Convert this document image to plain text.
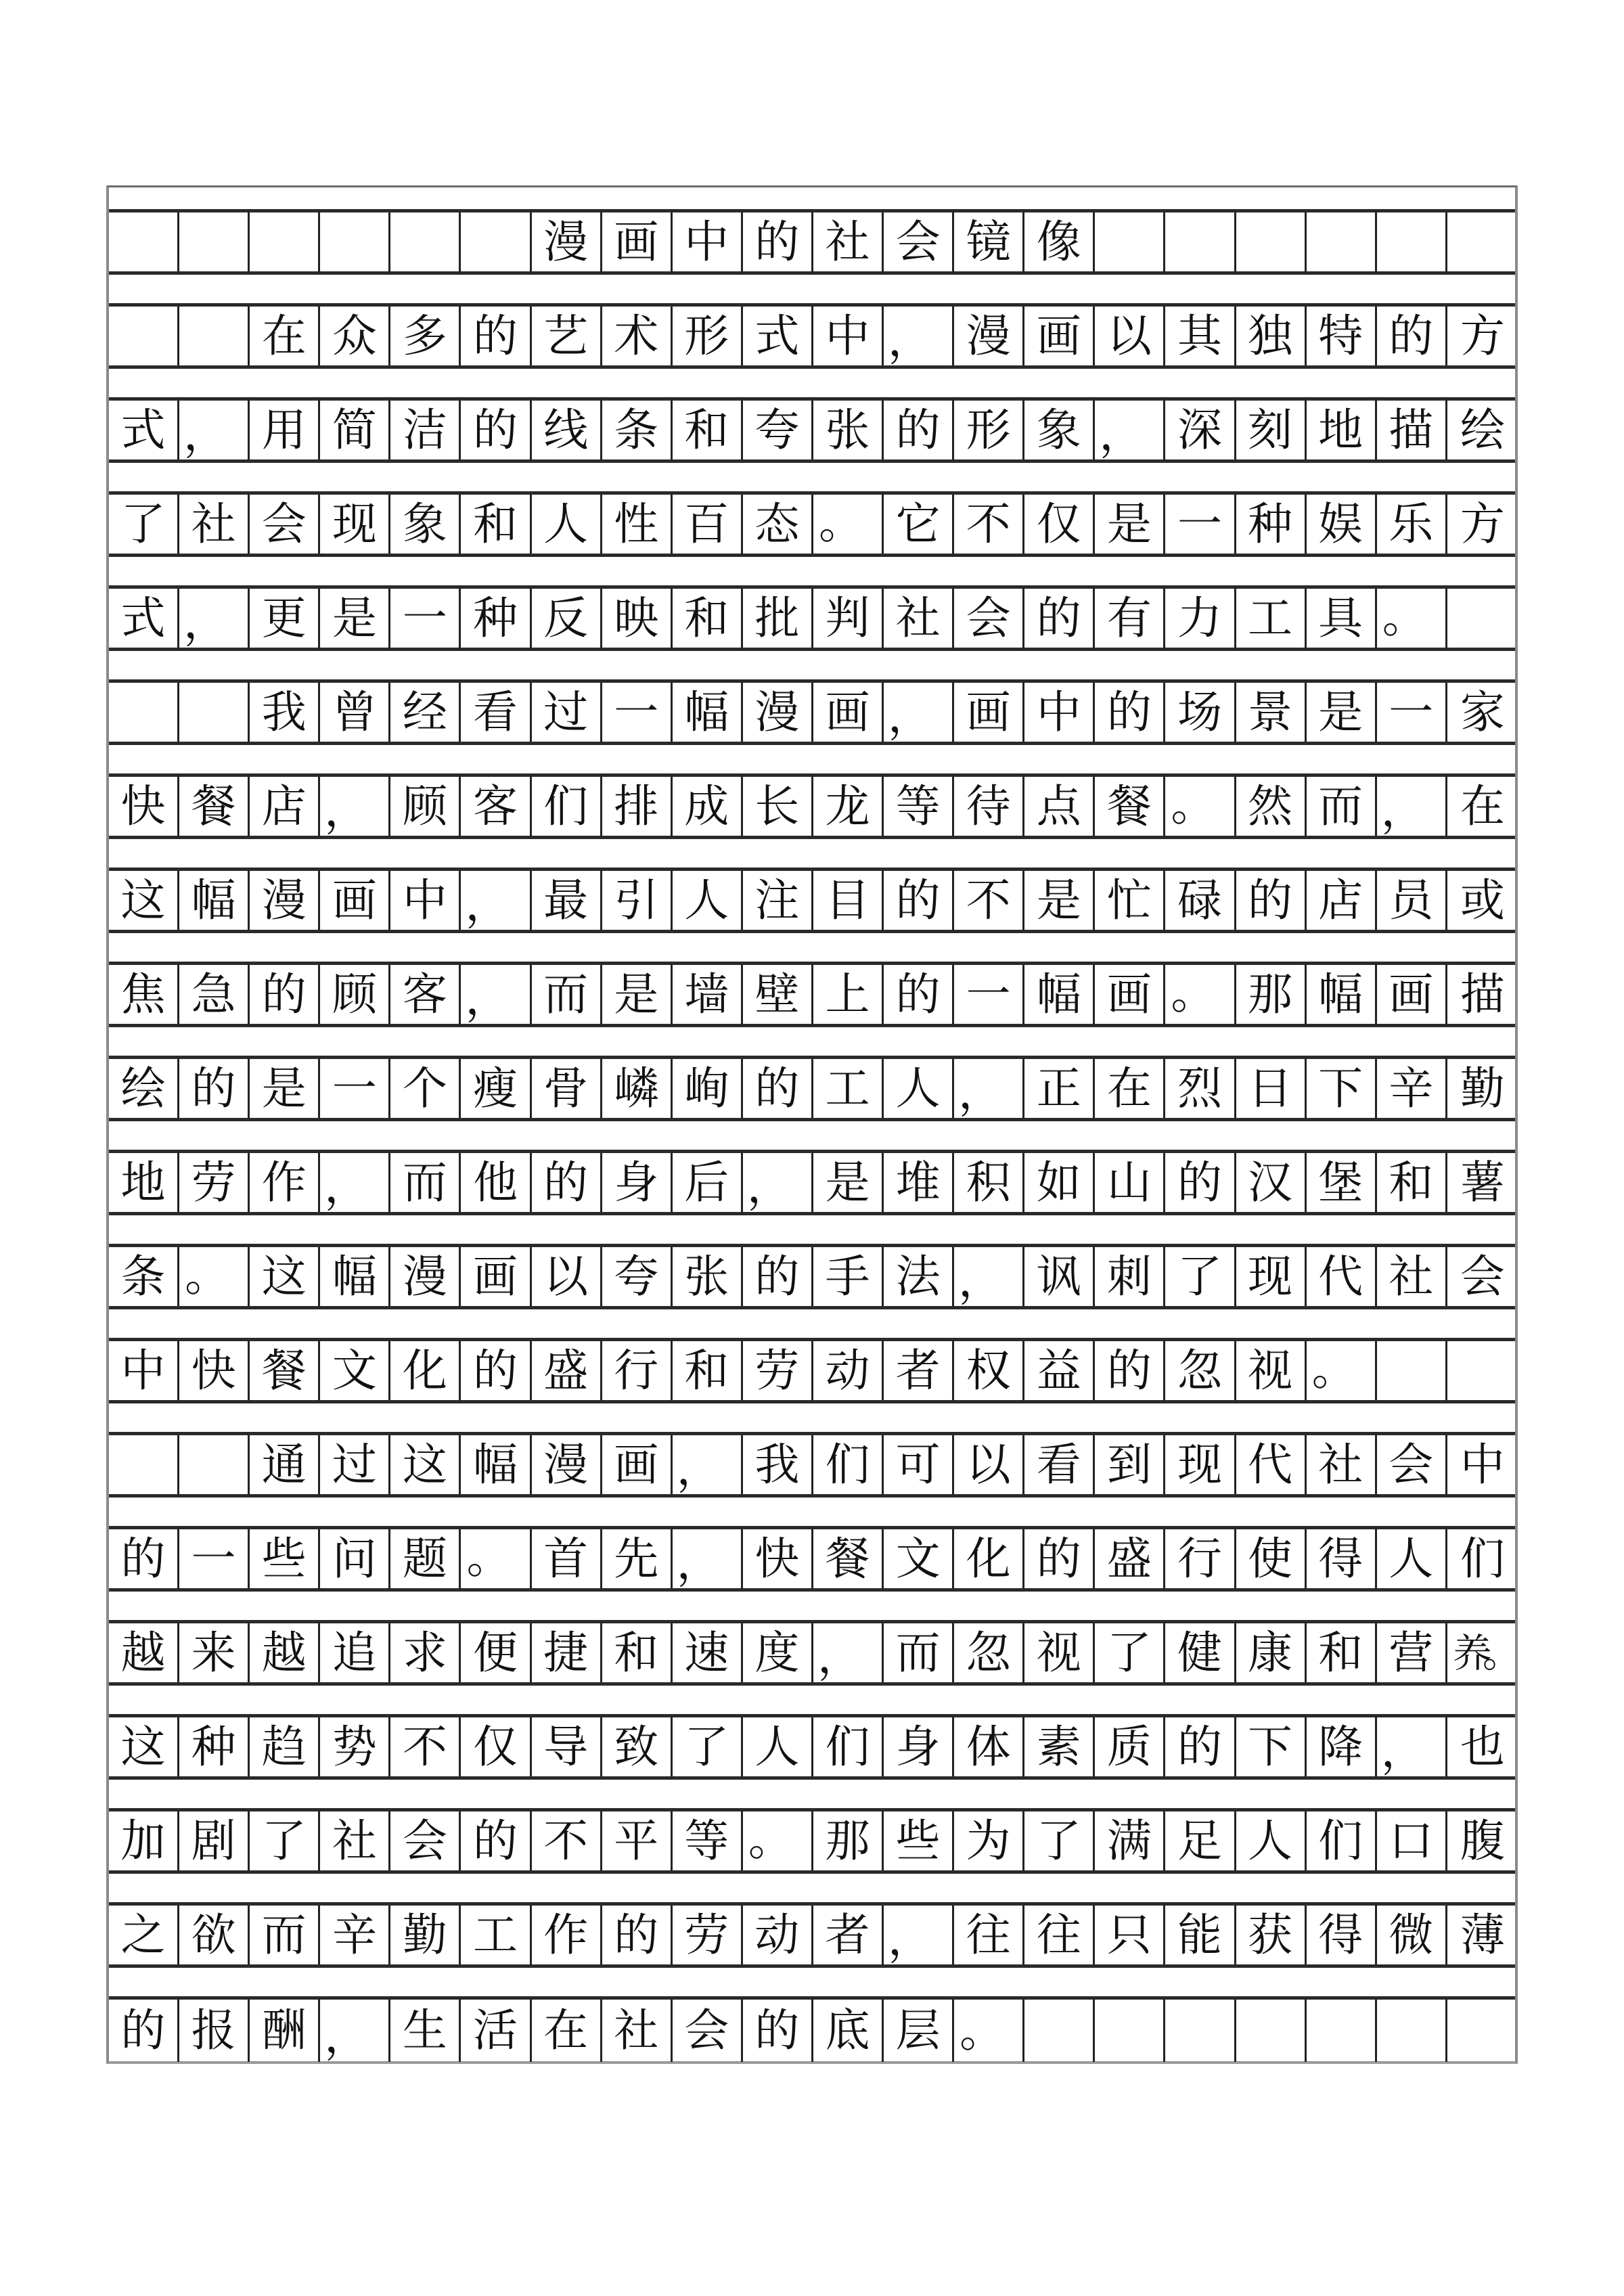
漫 画 中 的 社 会 镜 像
在 众 多 的 艺 术 形 式 中 ， 漫 画 以 其 独 特 的 方
式 ， 用 简 洁 的 线 条 和 夸 张 的 形 象 ， 深 刻 地 描 绘
了 社 会 现 象 和 人 性 百 态 。 它 不 仅 是 一 种 娱 乐 方
式 ， 更 是 一 种 反 映 和 批 判 社 会 的 有 力 工 具 。
我 曾 经 看 过 一 幅 漫 画 ， 画 中 的 场 景 是 一 家
快 餐 店 ， 顾 客 们 排 成 长 龙 等 待 点 餐 。 然 而 ， 在
这 幅 漫 画 中 ， 最 引 人 注 目 的 不 是 忙 碌 的 店 员 或
焦 急 的 顾 客 ， 而 是 墙 壁 上 的 一 幅 画 。 那 幅 画 描
绘 的 是 一 个 瘦 骨 嶙 峋 的 工 人 ， 正 在 烈 日 下 辛 勤
地 劳 作 ， 而 他 的 身 后 ， 是 堆 积 如 山 的 汉 堡 和 薯
条 。 这 幅 漫 画 以 夸 张 的 手 法 ， 讽 刺 了 现 代 社 会
中 快 餐 文 化 的 盛 行 和 劳 动 者 权 益 的 忽 视 。
通 过 这 幅 漫 画 ， 我 们 可 以 看 到 现 代 社 会 中
的 一 些 问 题 。 首 先 ， 快 餐 文 化 的 盛 行 使 得 人 们
越 来 越 追 求 便 捷 和 速 度 ， 而 忽 视 了 健 康 和 营 养。
这 种 趋 势 不 仅 导 致 了 人 们 身 体 素 质 的 下 降 ， 也
加 剧 了 社 会 的 不 平 等 。 那 些 为 了 满 足 人 们 口 腹
之 欲 而 辛 勤 工 作 的 劳 动 者 ， 往 往 只 能 获 得 微 薄
的 报 酬 ， 生 活 在 社 会 的 底 层 。
